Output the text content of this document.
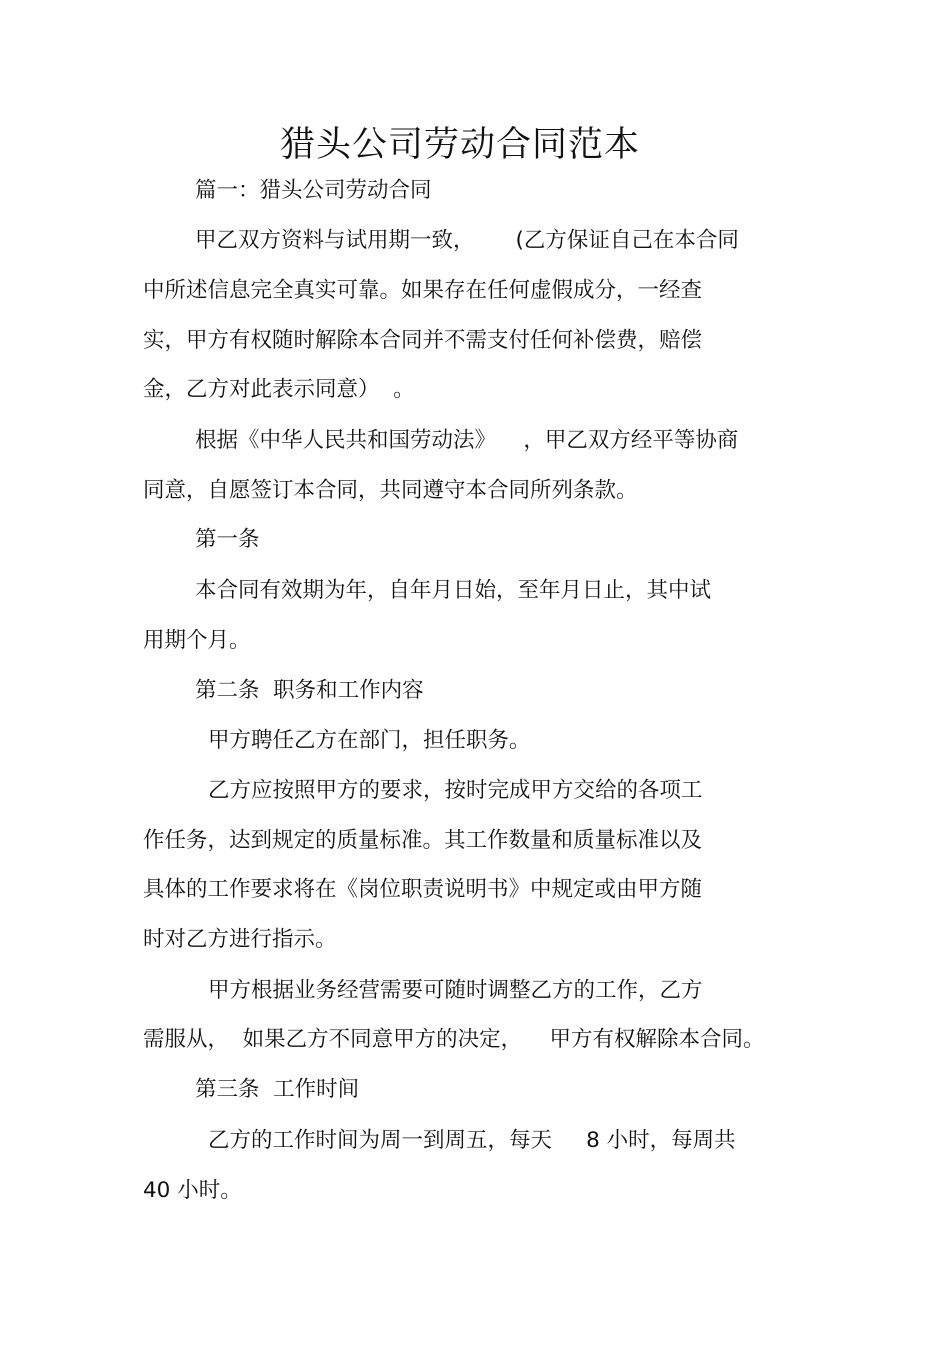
猎头公司劳动合同范本
篇一：猎头公司劳动合同
甲乙双方资料与试用期一致，      (乙方保证自己在本合同
中所述信息完全真实可靠。如果存在任何虚假成分，一经查
实，甲方有权随时解除本合同并不需支付任何补偿费，赔偿
金，乙方对此表示同意）  。
根据《中华人民共和国劳动法》    ，甲乙双方经平等协商
同意，自愿签订本合同，共同遵守本合同所列条款。
第一条
本合同有效期为年，自年月日始，至年月日止，其中试
用期个月。
第二条  职务和工作内容
甲方聘任乙方在部门，担任职务。
乙方应按照甲方的要求，按时完成甲方交给的各项工
作任务，达到规定的质量标准。其工作数量和质量标准以及
具体的工作要求将在《岗位职责说明书》中规定或由甲方随
时对乙方进行指示。
甲方根据业务经营需要可随时调整乙方的工作，乙方
需服从，  如果乙方不同意甲方的决定，    甲方有权解除本合同。
第三条  工作时间
乙方的工作时间为周一到周五，每天     8 小时，每周共
40 小时。
